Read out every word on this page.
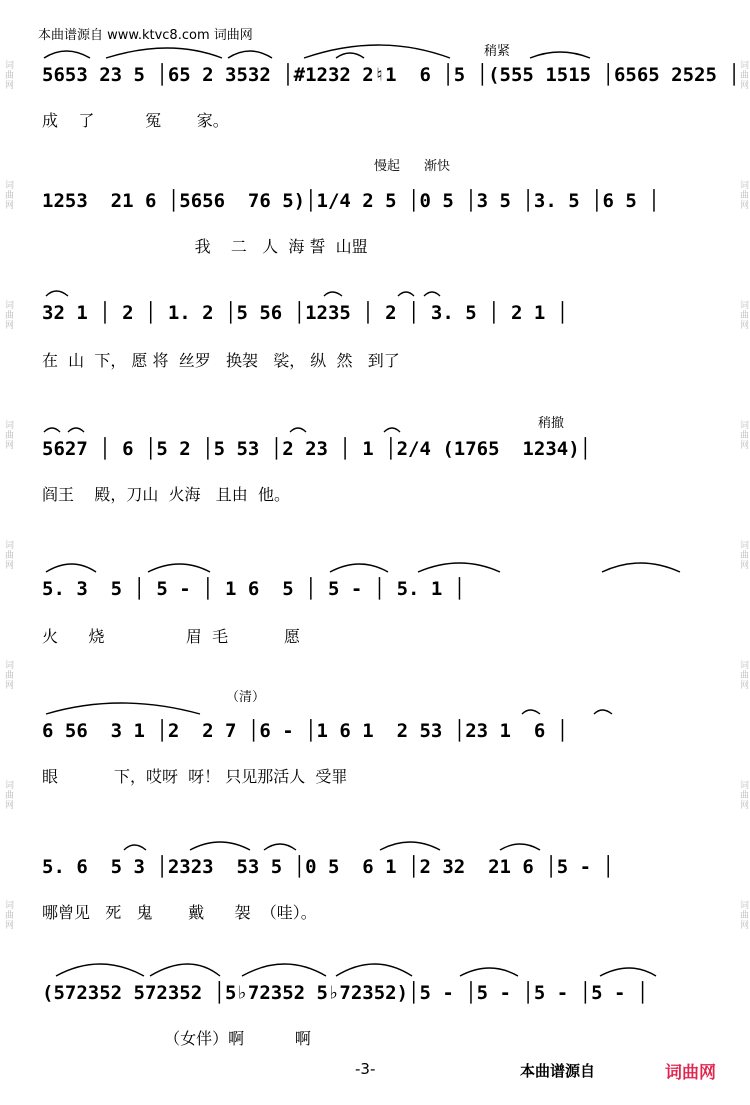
词曲网
词曲网
词曲网
词曲网
词曲网
词曲网
词曲网
词曲网
词曲网
词曲网
词曲网
词曲网
词曲网
词曲网
词曲网
词曲网
本曲谱源自 www.ktvc8.com 词曲网
稍紧
5653 23 5 │65 2 3532 │#1232 2♮1  6 │5 │(555 1515 │6565 2525 │
成    了          冤       家。
慢起 渐快
1253  21 6 │5656  76 5)│1/4 2 5 │0 5 │3 5 │3. 5 │6 5 │
我    二   人  海 誓  山盟
32 1 │ 2 │ 1. 2 │5 56 │1235 │ 2 │ 3. 5 │ 2 1 │
在  山  下， 愿 将  丝罗   换袈   裟， 纵  然   到了
稍撤
5627 │ 6 │5 2 │5 53 │2 23 │ 1 │2/4 (1765  1234)│
阎王    殿，刀山  火海   且由  他。
5. 3  5 │ 5 - │ 1 6  5 │ 5 - │ 5. 1 │
火      烧                眉  毛           愿
（清）
6 56  3 1 │2  2 7 │6 - │1 6 1  2 53 │23 1  6 │
眼           下，哎呀  呀！ 只见那活人  受罪
5. 6  5 3 │2323  53 5 │0 5  6 1 │2 32  21 6 │5 - │
哪曾见   死   鬼       戴      袈  （哇）。
(572352 572352 │5♭72352 5♭72352)│5 - │5 - │5 - │5 - │
（女伴）啊          啊
-3-	本曲谱源自	词曲网
